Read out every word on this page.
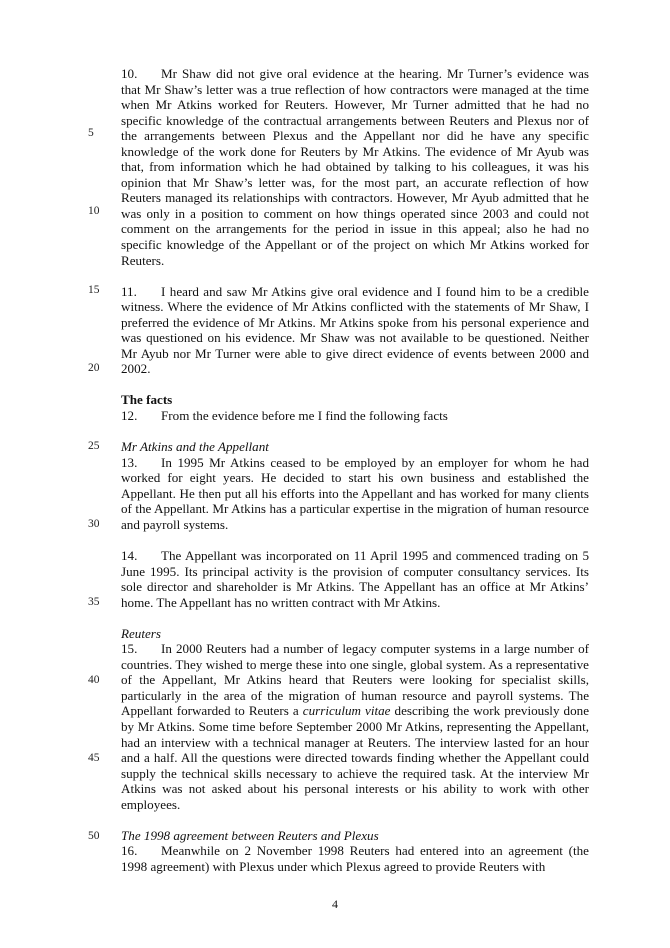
10. Mr Shaw did not give oral evidence at the hearing. Mr Turner’s evidence was that Mr Shaw’s letter was a true reflection of how contractors were managed at the time when Mr Atkins worked for Reuters. However, Mr Turner admitted that he had no specific knowledge of the contractual arrangements between Reuters and Plexus nor of the arrangements between Plexus and the Appellant nor did he have any specific knowledge of the work done for Reuters by Mr Atkins. The evidence of Mr Ayub was that, from information which he had obtained by talking to his colleagues, it was his opinion that Mr Shaw’s letter was, for the most part, an accurate reflection of how Reuters managed its relationships with contractors. However, Mr Ayub admitted that he was only in a position to comment on how things operated since 2003 and could not comment on the arrangements for the period in issue in this appeal; also he had no specific knowledge of the Appellant or of the project on which Mr Atkins worked for Reuters.

11. I heard and saw Mr Atkins give oral evidence and I found him to be a credible witness. Where the evidence of Mr Atkins conflicted with the statements of Mr Shaw, I preferred the evidence of Mr Atkins. Mr Atkins spoke from his personal experience and was questioned on his evidence. Mr Shaw was not available to be questioned. Neither Mr Ayub nor Mr Turner were able to give direct evidence of events between 2000 and 2002.

The facts

12. From the evidence before me I find the following facts

Mr Atkins and the Appellant

13. In 1995 Mr Atkins ceased to be employed by an employer for whom he had worked for eight years. He decided to start his own business and established the Appellant. He then put all his efforts into the Appellant and has worked for many clients of the Appellant. Mr Atkins has a particular expertise in the migration of human resource and payroll systems.

14. The Appellant was incorporated on 11 April 1995 and commenced trading on 5 June 1995. Its principal activity is the provision of computer consultancy services. Its sole director and shareholder is Mr Atkins. The Appellant has an office at Mr Atkins’ home. The Appellant has no written contract with Mr Atkins.

Reuters

15. In 2000 Reuters had a number of legacy computer systems in a large number of countries. They wished to merge these into one single, global system. As a representative of the Appellant, Mr Atkins heard that Reuters were looking for specialist skills, particularly in the area of the migration of human resource and payroll systems. The Appellant forwarded to Reuters a curriculum vitae describing the work previously done by Mr Atkins. Some time before September 2000 Mr Atkins, representing the Appellant, had an interview with a technical manager at Reuters. The interview lasted for an hour and a half. All the questions were directed towards finding whether the Appellant could supply the technical skills necessary to achieve the required task. At the interview Mr Atkins was not asked about his personal interests or his ability to work with other employees.

The 1998 agreement between Reuters and Plexus

16. Meanwhile on 2 November 1998 Reuters had entered into an agreement (the 1998 agreement) with Plexus under which Plexus agreed to provide Reuters with

5
10
15
20
25
30
35
40
45
50
4
